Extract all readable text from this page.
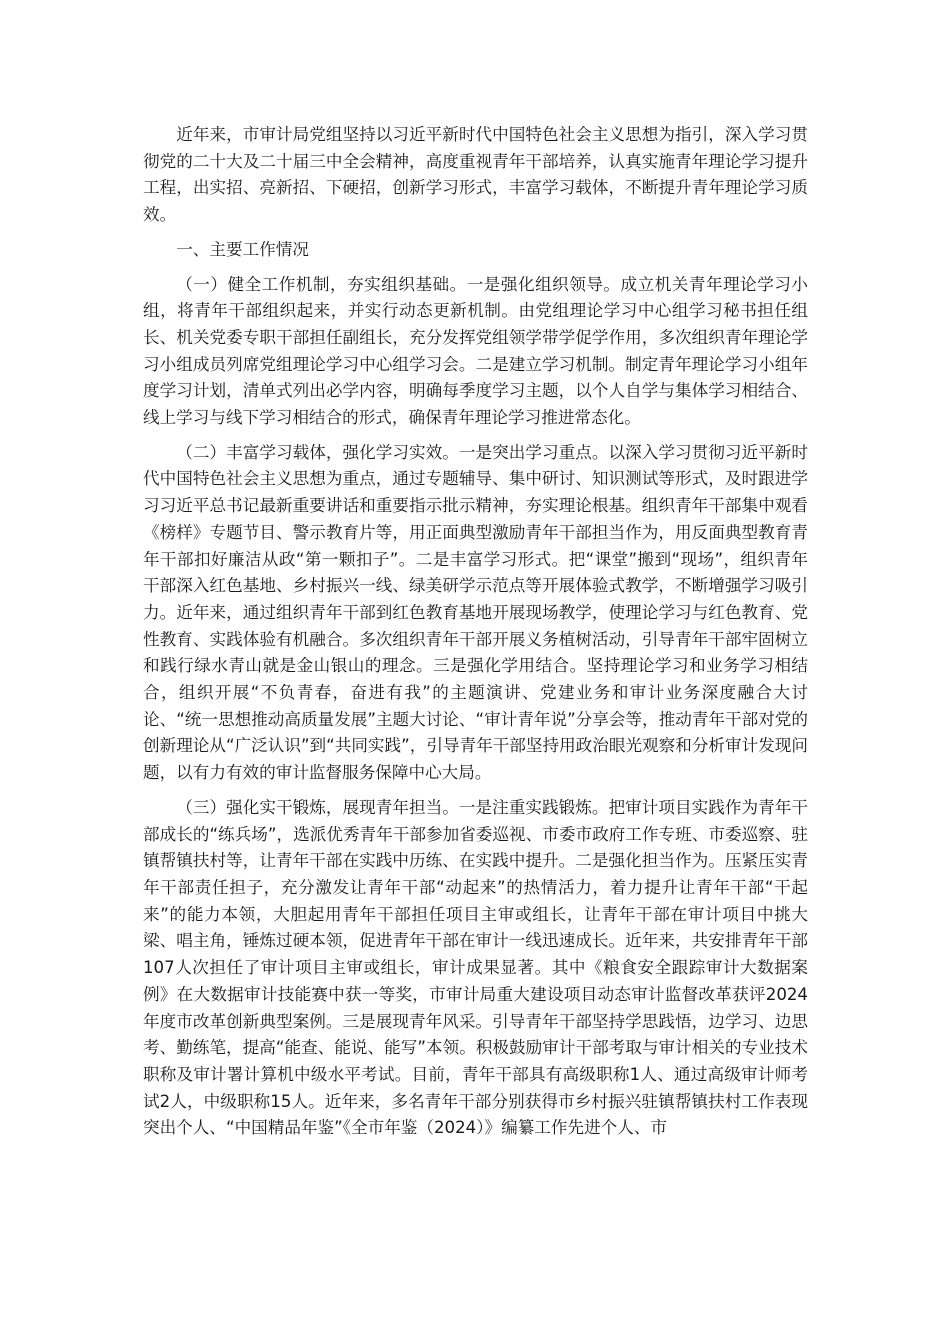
近年来，市审计局党组坚持以习近平新时代中国特色社会主义思想为指引，深入学习贯彻党的二十大及二十届三中全会精神，高度重视青年干部培养，认真实施青年理论学习提升工程，出实招、亮新招、下硬招，创新学习形式，丰富学习载体，不断提升青年理论学习质效。

一、主要工作情况

（一）健全工作机制，夯实组织基础。一是强化组织领导。成立机关青年理论学习小组，将青年干部组织起来，并实行动态更新机制。由党组理论学习中心组学习秘书担任组长、机关党委专职干部担任副组长，充分发挥党组领学带学促学作用，多次组织青年理论学习小组成员列席党组理论学习中心组学习会。二是建立学习机制。制定青年理论学习小组年度学习计划，清单式列出必学内容，明确每季度学习主题，以个人自学与集体学习相结合、线上学习与线下学习相结合的形式，确保青年理论学习推进常态化。

（二）丰富学习载体，强化学习实效。一是突出学习重点。以深入学习贯彻习近平新时代中国特色社会主义思想为重点，通过专题辅导、集中研讨、知识测试等形式，及时跟进学习习近平总书记最新重要讲话和重要指示批示精神，夯实理论根基。组织青年干部集中观看《榜样》专题节目、警示教育片等，用正面典型激励青年干部担当作为，用反面典型教育青年干部扣好廉洁从政“第一颗扣子”。二是丰富学习形式。把“课堂”搬到“现场”，组织青年干部深入红色基地、乡村振兴一线、绿美研学示范点等开展体验式教学，不断增强学习吸引力。近年来，通过组织青年干部到红色教育基地开展现场教学，使理论学习与红色教育、党性教育、实践体验有机融合。多次组织青年干部开展义务植树活动，引导青年干部牢固树立和践行绿水青山就是金山银山的理念。三是强化学用结合。坚持理论学习和业务学习相结合，组织开展“不负青春，奋进有我”的主题演讲、党建业务和审计业务深度融合大讨论、“统一思想推动高质量发展”主题大讨论、“审计青年说”分享会等，推动青年干部对党的创新理论从“广泛认识”到“共同实践”，引导青年干部坚持用政治眼光观察和分析审计发现问题，以有力有效的审计监督服务保障中心大局。

（三）强化实干锻炼，展现青年担当。一是注重实践锻炼。把审计项目实践作为青年干部成长的“练兵场”，选派优秀青年干部参加省委巡视、市委市政府工作专班、市委巡察、驻镇帮镇扶村等，让青年干部在实践中历练、在实践中提升。二是强化担当作为。压紧压实青年干部责任担子，充分激发让青年干部“动起来”的热情活力，着力提升让青年干部“干起来”的能力本领，大胆起用青年干部担任项目主审或组长，让青年干部在审计项目中挑大梁、唱主角，锤炼过硬本领，促进青年干部在审计一线迅速成长。近年来，共安排青年干部107人次担任了审计项目主审或组长，审计成果显著。其中《粮食安全跟踪审计大数据案例》在大数据审计技能赛中获一等奖，市审计局重大建设项目动态审计监督改革获评2024年度市改革创新典型案例。三是展现青年风采。引导青年干部坚持学思践悟，边学习、边思考、勤练笔，提高“能查、能说、能写”本领。积极鼓励审计干部考取与审计相关的专业技术职称及审计署计算机中级水平考试。目前，青年干部具有高级职称1人、通过高级审计师考试2人，中级职称15人。近年来，多名青年干部分别获得市乡村振兴驻镇帮镇扶村工作表现突出个人、“中国精品年鉴”《全市年鉴（2024）》编纂工作先进个人、市
